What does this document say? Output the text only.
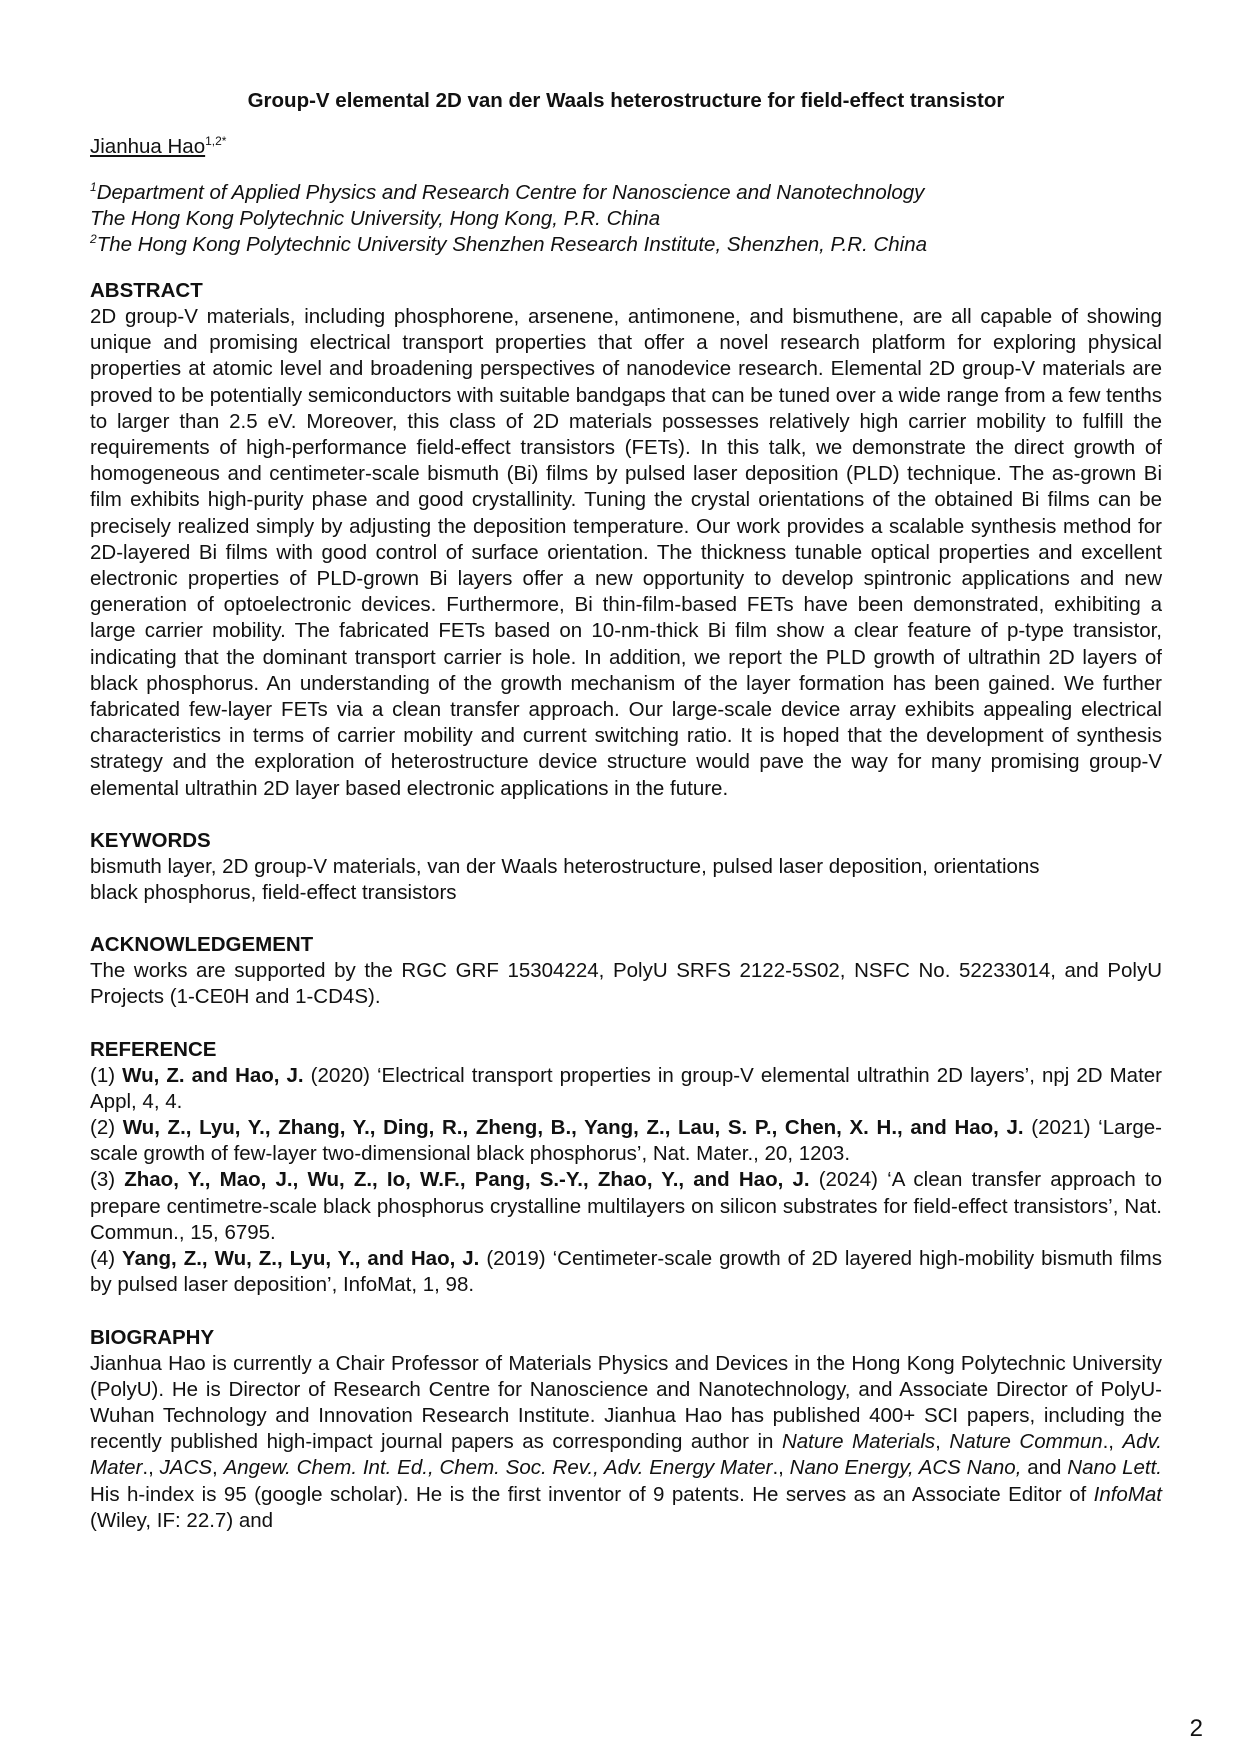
Group-V elemental 2D van der Waals heterostructure for field-effect transistor
Jianhua Hao$^{1,2*}$
$^1$Department of Applied Physics and Research Centre for Nanoscience and Nanotechnology
The Hong Kong Polytechnic University, Hong Kong, P.R. China
$^2$The Hong Kong Polytechnic University Shenzhen Research Institute, Shenzhen, P.R. China
ABSTRACT
2D group-V materials, including phosphorene, arsenene, antimonene, and bismuthene, are all capable of showing unique and promising electrical transport properties that offer a novel research platform for exploring physical properties at atomic level and broadening perspectives of nanodevice research. Elemental 2D group-V materials are proved to be potentially semiconductors with suitable bandgaps that can be tuned over a wide range from a few tenths to larger than 2.5 eV. Moreover, this class of 2D materials possesses relatively high carrier mobility to fulfill the requirements of high-performance field-effect transistors (FETs). In this talk, we demonstrate the direct growth of homogeneous and centimeter-scale bismuth (Bi) films by pulsed laser deposition (PLD) technique. The as-grown Bi film exhibits high-purity phase and good crystallinity. Tuning the crystal orientations of the obtained Bi films can be precisely realized simply by adjusting the deposition temperature. Our work provides a scalable synthesis method for 2D-layered Bi films with good control of surface orientation. The thickness tunable optical properties and excellent electronic properties of PLD-grown Bi layers offer a new opportunity to develop spintronic applications and new generation of optoelectronic devices. Furthermore, Bi thin-film-based FETs have been demonstrated, exhibiting a large carrier mobility. The fabricated FETs based on 10-nm-thick Bi film show a clear feature of p-type transistor, indicating that the dominant transport carrier is hole. In addition, we report the PLD growth of ultrathin 2D layers of black phosphorus. An understanding of the growth mechanism of the layer formation has been gained. We further fabricated few-layer FETs via a clean transfer approach. Our large-scale device array exhibits appealing electrical characteristics in terms of carrier mobility and current switching ratio. It is hoped that the development of synthesis strategy and the exploration of heterostructure device structure would pave the way for many promising group-V elemental ultrathin 2D layer based electronic applications in the future.
KEYWORDS
bismuth layer, 2D group-V materials, van der Waals heterostructure, pulsed laser deposition, orientations
black phosphorus, field-effect transistors
ACKNOWLEDGEMENT
The works are supported by the RGC GRF 15304224, PolyU SRFS 2122-5S02, NSFC No. 52233014, and PolyU Projects (1-CE0H and 1-CD4S).
REFERENCE
(1) Wu, Z. and Hao, J. (2020) ‘Electrical transport properties in group-V elemental ultrathin 2D layers’, npj 2D Mater Appl, 4, 4.
(2) Wu, Z., Lyu, Y., Zhang, Y., Ding, R., Zheng, B., Yang, Z., Lau, S. P., Chen, X. H., and Hao, J. (2021) ‘Large-scale growth of few-layer two-dimensional black phosphorus’, Nat. Mater., 20, 1203.
(3) Zhao, Y., Mao, J., Wu, Z., Io, W.F., Pang, S.-Y., Zhao, Y., and Hao, J. (2024) ‘A clean transfer approach to prepare centimetre-scale black phosphorus crystalline multilayers on silicon substrates for field-effect transistors’, Nat. Commun., 15, 6795.
(4) Yang, Z., Wu, Z., Lyu, Y., and Hao, J. (2019) ‘Centimeter-scale growth of 2D layered high-mobility bismuth films by pulsed laser deposition’, InfoMat, 1, 98.
BIOGRAPHY
Jianhua Hao is currently a Chair Professor of Materials Physics and Devices in the Hong Kong Polytechnic University (PolyU). He is Director of Research Centre for Nanoscience and Nanotechnology, and Associate Director of PolyU-Wuhan Technology and Innovation Research Institute. Jianhua Hao has published 400+ SCI papers, including the recently published high-impact journal papers as corresponding author in Nature Materials, Nature Commun., Adv. Mater., JACS, Angew. Chem. Int. Ed., Chem. Soc. Rev., Adv. Energy Mater., Nano Energy, ACS Nano, and Nano Lett. His h-index is 95 (google scholar). He is the first inventor of 9 patents. He serves as an Associate Editor of InfoMat (Wiley, IF: 22.7) and
2
